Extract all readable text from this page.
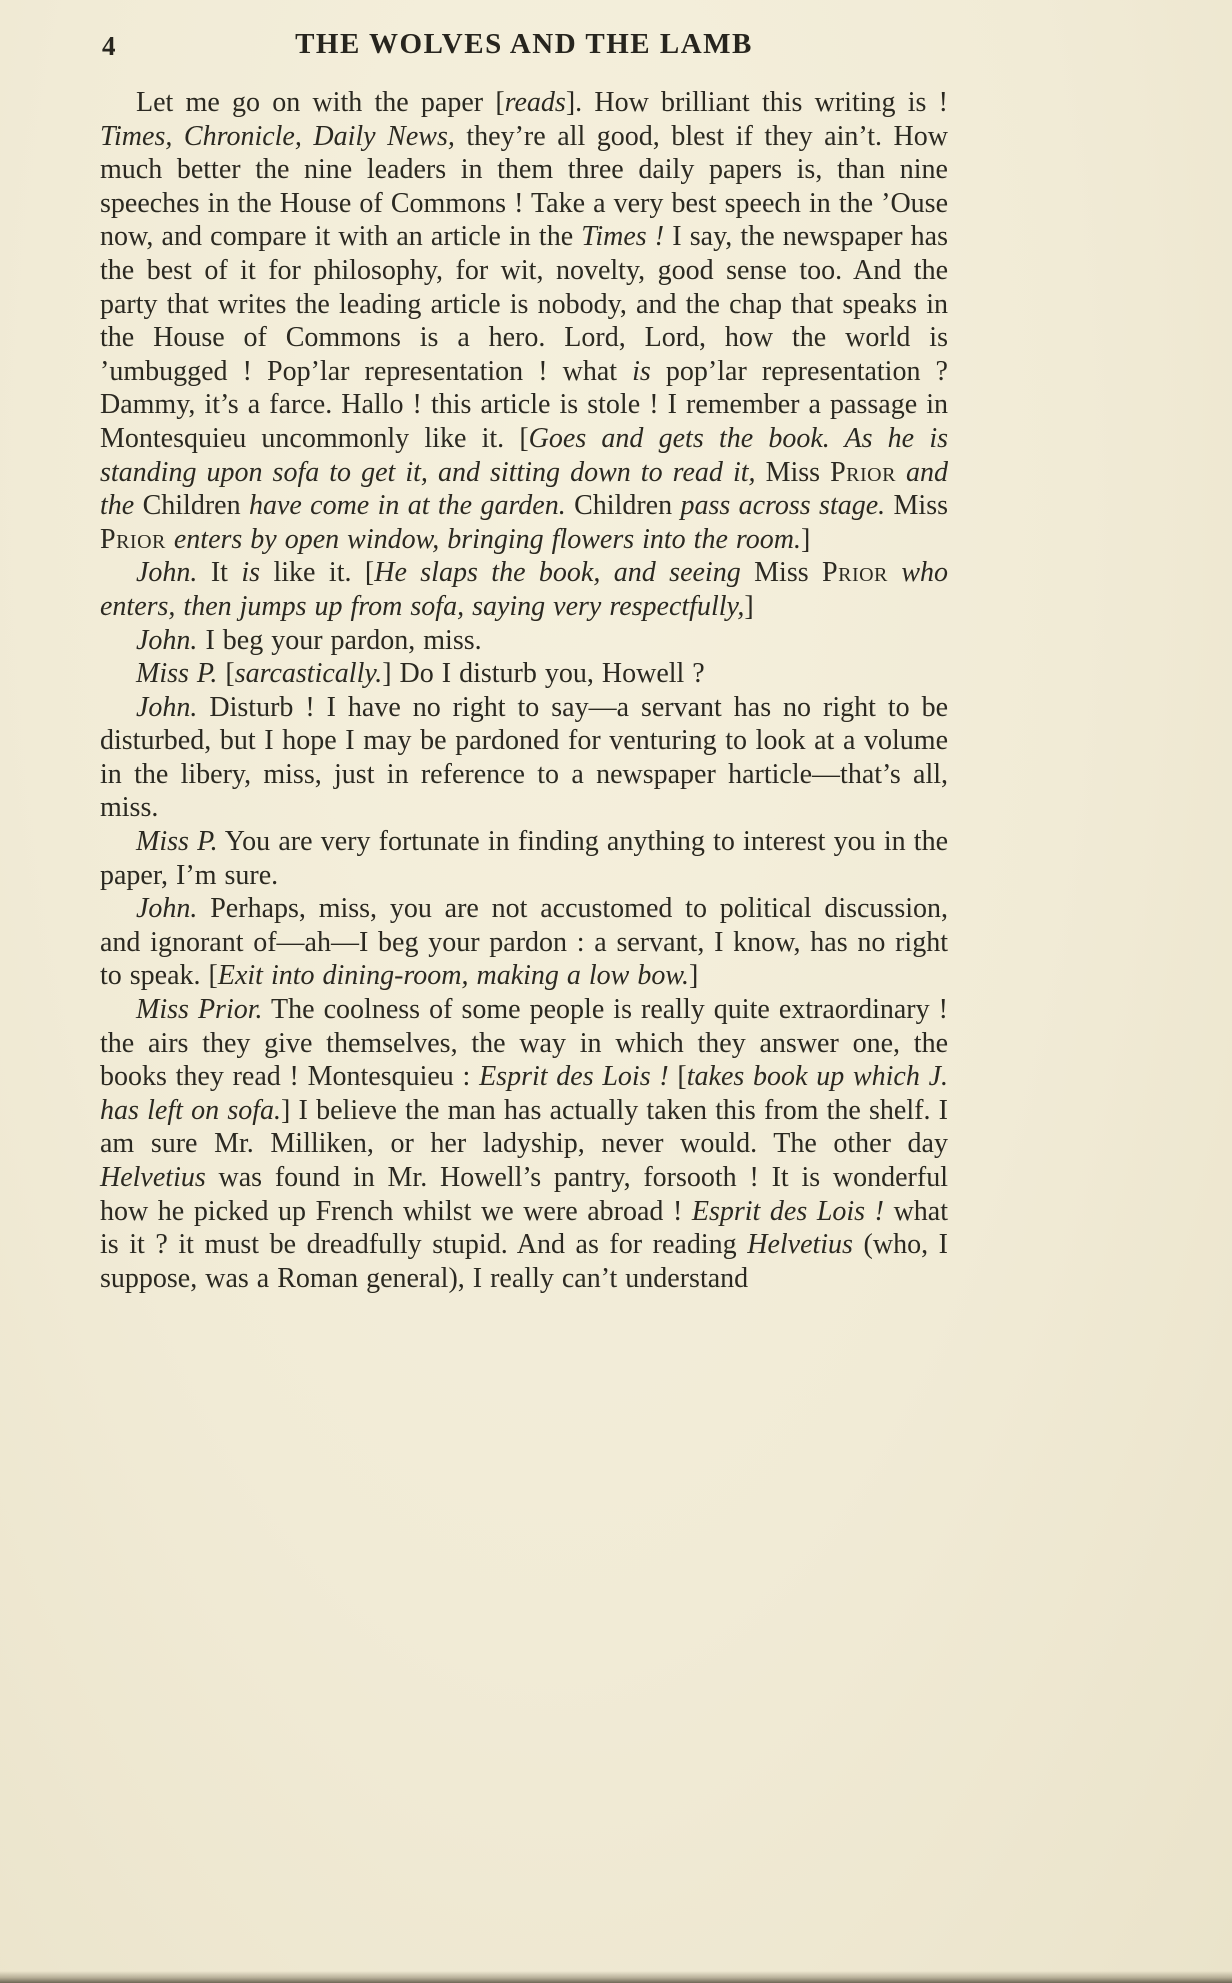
4	THE WOLVES AND THE LAMB

Let me go on with the paper [reads]. How brilliant this writing is ! Times, Chronicle, Daily News, they’re all good, blest if they ain’t. How much better the nine leaders in them three daily papers is, than nine speeches in the House of Commons ! Take a very best speech in the ’Ouse now, and compare it with an article in the Times ! I say, the newspaper has the best of it for philosophy, for wit, novelty, good sense too. And the party that writes the leading article is nobody, and the chap that speaks in the House of Commons is a hero. Lord, Lord, how the world is ’umbugged ! Pop’lar representation ! what is pop’lar representation ? Dammy, it’s a farce. Hallo ! this article is stole ! I remember a passage in Montesquieu uncommonly like it. [Goes and gets the book. As he is standing upon sofa to get it, and sitting down to read it, Miss Prior and the Children have come in at the garden. Children pass across stage. Miss Prior enters by open window, bringing flowers into the room.]

John. It is like it. [He slaps the book, and seeing Miss Prior who enters, then jumps up from sofa, saying very respectfully,]

John. I beg your pardon, miss.

Miss P. [sarcastically.] Do I disturb you, Howell ?

John. Disturb ! I have no right to say—a servant has no right to be disturbed, but I hope I may be pardoned for venturing to look at a volume in the libery, miss, just in reference to a newspaper harticle—that’s all, miss.

Miss P. You are very fortunate in finding anything to interest you in the paper, I’m sure.

John. Perhaps, miss, you are not accustomed to political discussion, and ignorant of—ah—I beg your pardon : a servant, I know, has no right to speak. [Exit into dining-room, making a low bow.]

Miss Prior. The coolness of some people is really quite extraordinary ! the airs they give themselves, the way in which they answer one, the books they read ! Montesquieu : Esprit des Lois ! [takes book up which J. has left on sofa.] I believe the man has actually taken this from the shelf. I am sure Mr. Milliken, or her ladyship, never would. The other day Helvetius was found in Mr. Howell’s pantry, forsooth ! It is wonderful how he picked up French whilst we were abroad ! Esprit des Lois ! what is it ? it must be dreadfully stupid. And as for reading Helvetius (who, I suppose, was a Roman general), I really can’t understand
